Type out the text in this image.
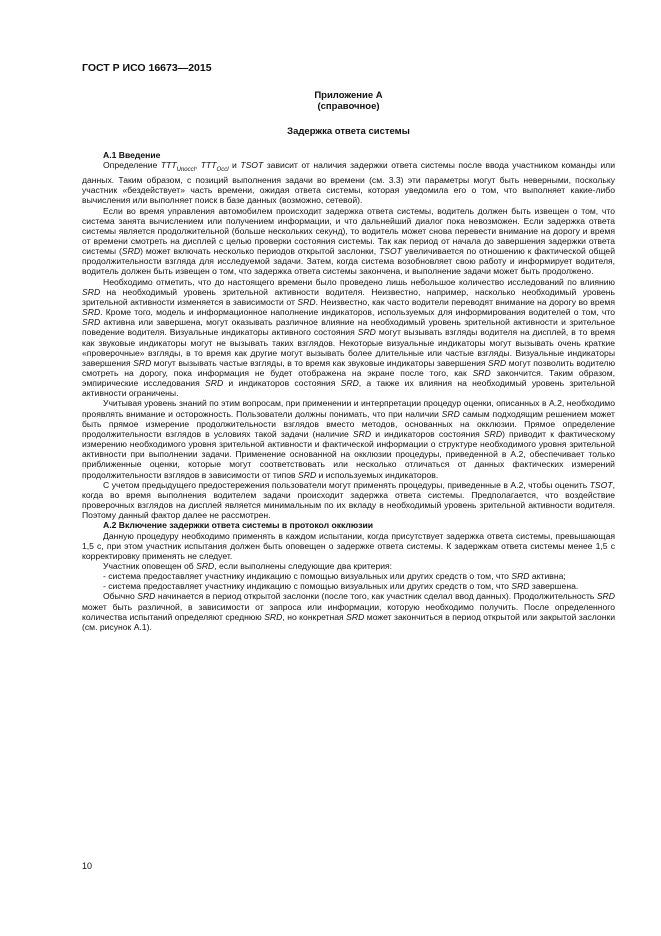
ГОСТ Р ИСО 16673—2015
Приложение А
(справочное)
Задержка ответа системы
А.1 Введение

Определение $TTT_{Unoccl}$, $TTT_{Occl}$ и TSOT зависит от наличия задержки ответа системы после ввода участником команды или данных. Таким образом, с позиций выполнения задачи во времени (см. 3.3) эти параметры могут быть неверными, поскольку участник «бездействует» часть времени, ожидая ответа системы, которая уведомила его о том, что выполняет какие-либо вычисления или выполняет поиск в базе данных (возможно, сетевой).

Если во время управления автомобилем происходит задержка ответа системы, водитель должен быть извещен о том, что система занята вычислением или получением информации, и что дальнейший диалог пока невозможен. Если задержка ответа системы является продолжительной (больше нескольких секунд), то водитель может снова перевести внимание на дорогу и время от времени смотреть на дисплей с целью проверки состояния системы. Так как период от начала до завершения задержки ответа системы (SRD) может включать несколько периодов открытой заслонки, TSOT увеличивается по отношению к фактической общей продолжительности взгляда для исследуемой задачи. Затем, когда система возобновляет свою работу и информирует водителя, водитель должен быть извещен о том, что задержка ответа системы закончена, и выполнение задачи может быть продолжено.

Необходимо отметить, что до настоящего времени было проведено лишь небольшое количество исследований по влиянию SRD на необходимый уровень зрительной активности водителя. Неизвестно, например, насколько необходимый уровень зрительной активности изменяется в зависимости от SRD. Неизвестно, как часто водители переводят внимание на дорогу во время SRD. Кроме того, модель и информационное наполнение индикаторов, используемых для информирования водителей о том, что SRD активна или завершена, могут оказывать различное влияние на необходимый уровень зрительной активности и зрительное поведение водителя. Визуальные индикаторы активного состояния SRD могут вызывать взгляды водителя на дисплей, в то время как звуковые индикаторы могут не вызывать таких взглядов. Некоторые визуальные индикаторы могут вызывать очень краткие «проверочные» взгляды, в то время как другие могут вызывать более длительные или частые взгляды. Визуальные индикаторы завершения SRD могут вызывать частые взгляды, в то время как звуковые индикаторы завершения SRD могут позволить водителю смотреть на дорогу, пока информация не будет отображена на экране после того, как SRD закончится. Таким образом, эмпирические исследования SRD и индикаторов состояния SRD, а также их влияния на необходимый уровень зрительной активности ограничены.

Учитывая уровень знаний по этим вопросам, при применении и интерпретации процедур оценки, описанных в А.2, необходимо проявлять внимание и осторожность. Пользователи должны понимать, что при наличии SRD самым подходящим решением может быть прямое измерение продолжительности взглядов вместо методов, основанных на окклюзии. Прямое определение продолжительности взглядов в условиях такой задачи (наличие SRD и индикаторов состояния SRD) приводит к фактическому измерению необходимого уровня зрительной активности и фактической информации о структуре необходимого уровня зрительной активности при выполнении задачи. Применение основанной на окклюзии процедуры, приведенной в А.2, обеспечивает только приближенные оценки, которые могут соответствовать или несколько отличаться от данных фактических измерений продолжительности взглядов в зависимости от типов SRD и используемых индикаторов.

С учетом предыдущего предостережения пользователи могут применять процедуры, приведенные в А.2, чтобы оценить TSOT, когда во время выполнения водителем задачи происходит задержка ответа системы. Предполагается, что воздействие проверочных взглядов на дисплей является минимальным по их вкладу в необходимый уровень зрительной активности водителя. Поэтому данный фактор далее не рассмотрен.

А.2 Включение задержки ответа системы в протокол окклюзии

Данную процедуру необходимо применять в каждом испытании, когда присутствует задержка ответа системы, превышающая 1,5 с, при этом участник испытания должен быть оповещен о задержке ответа системы. К задержкам ответа системы менее 1,5 с корректировку применять не следует.

Участник оповещен об SRD, если выполнены следующие два критерия:

- система предоставляет участнику индикацию с помощью визуальных или других средств о том, что SRD активна;

- система предоставляет участнику индикацию с помощью визуальных или других средств о том, что SRD завершена.

Обычно SRD начинается в период открытой заслонки (после того, как участник сделал ввод данных). Продолжительность SRD может быть различной, в зависимости от запроса или информации, которую необходимо получить. После определенного количества испытаний определяют среднюю SRD, но конкретная SRD может закончиться в период открытой или закрытой заслонки (см. рисунок А.1).

10
